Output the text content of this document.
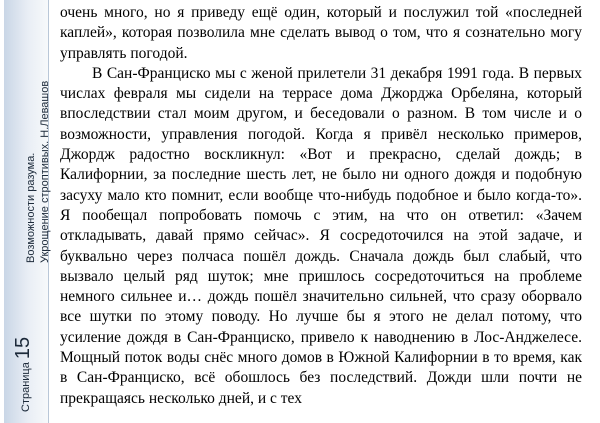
Возможности разума. Укрощение строптивых. Н.Левашов
Страница 15

очень много, но я приведу ещё один, который и послужил той «последней каплей», которая позволила мне сделать вывод о том, что я сознательно могу управлять погодой.

В Сан-Франциско мы с женой прилетели 31 декабря 1991 года. В первых числах февраля мы сидели на террасе дома Джорджа Орбеляна, который впоследствии стал моим другом, и беседовали о разном. В том числе и о возможности, управления погодой. Когда я привёл несколько примеров, Джордж радостно воскликнул: «Вот и прекрасно, сделай дождь; в Калифорнии, за последние шесть лет, не было ни одного дождя и подобную засуху мало кто помнит, если вообще что-нибудь подобное и было когда-то». Я пообещал попробовать помочь с этим, на что он ответил: «Зачем откладывать, давай прямо сейчас». Я сосредоточился на этой задаче, и буквально через полчаса пошёл дождь. Сначала дождь был слабый, что вызвало целый ряд шуток; мне пришлось сосредоточиться на проблеме немного сильнее и… дождь пошёл значительно сильней, что сразу оборвало все шутки по этому поводу. Но лучше бы я этого не делал потому, что усиление дождя в Сан-Франциско, привело к наводнению в Лос-Анджелесе. Мощный поток воды снёс много домов в Южной Калифорнии в то время, как в Сан-Франциско, всё обошлось без последствий. Дожди шли почти не прекращаясь несколько дней, и с тех
